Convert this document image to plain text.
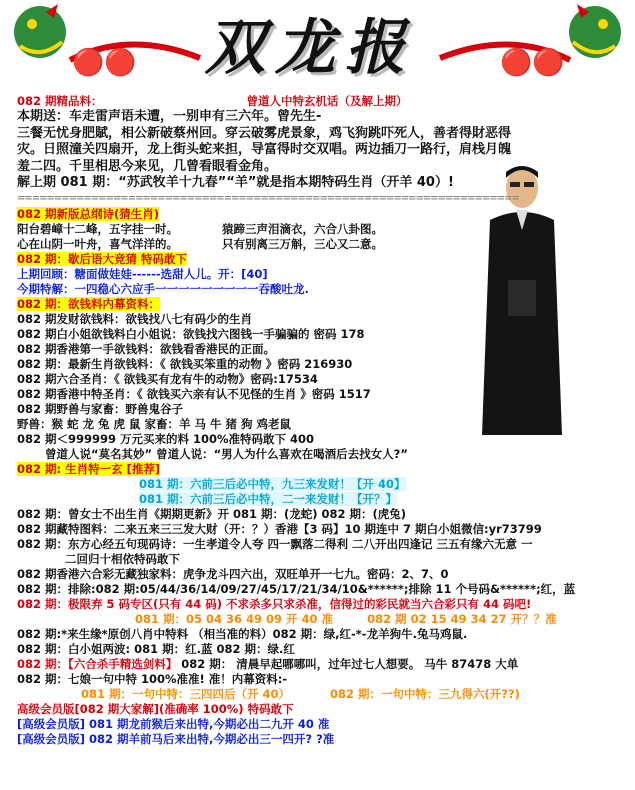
🔴🔴	🔴🔴
双龙报
082 期精品料：	曾道人中特玄机话（及解上期）
本期送：车走雷声语未遭，一别申有三六年。曾先生-
三餐无忧身肥賦，相公新破蔡州回。穿云破雾虎景象，鸡飞狗跳吓死人，善者得財恶得
灾。日照潼关四扇开，龙上街头蛇来担，导富得时交双唱。两边插刀一路行，肩栈月魄
羞二四。千里相思今来见，几曾看眼看金角。
解上期 081 期：“苏武牧羊十九春”“羊”就是指本期特码生肖（开羊 40）!
====================================================================
082 期新版总纲诗(猜生肖)
阳台碧嶂十二峰，五字挂一时。	猿蹄三声泪滴衣，六合八卦图。
心在山阴一叶舟，喜气洋洋的。	只有别离三万斛，三心又二意。
082 期：歇后语大竞猜 特码敢下
上期回顾：糖面做娃娃------选甜人儿。开：[40]
今期特解：一四稳心六应手一一一一一一一一一吞酸吐龙.
082 期：欲钱料内幕资料：
082 期发财欲钱料：欲钱找八七有码少的生肖
082 期白小姐欲钱料白小姐说：欲钱找六图钱一手骗骗的 密码 178
082 期香港第一手欲钱料：欲钱看香港民的正面。
082 期：最新生肖欲钱料：《 欲钱买笨重的动物 》密码 216930
082 期六合圣肖：《 欲钱买有龙有牛的动物》密码:17534
082 期香港中特圣肖：《 欲钱买六亲有认不见怪的生肖 》密码 1517
082 期野兽与家畜：野兽鬼谷子
野兽：猴 蛇 龙 兔 虎 鼠 家畜：羊 马 牛 猪 狗 鸡老鼠
082 期＜999999 万元买来的料 100%准特码敢下 400
曾道人说“莫名其妙” 曾道人说：“男人为什么喜欢在喝酒后去找女人?”
082 期: 生肖特一玄 [推荐]
081 期：六前三后必中特，九三来发财！【开 40】
081 期：六前三后必中特，二一来发财！【开？】
082 期：曾女士不出生肖《期期更新》开 081 期：(龙蛇) 082 期：(虎兔)
082 期藏特图料：二来五来三三发大财（开：？）香港【3 码】10 期连中 7 期白小姐微信:yr73799
082 期：东方心经五句现码诗：一生孝道令人夸 四一飘落二得利 二八开出四逢记 三五有缘六无意 一
二回归十相依特码敢下
082 期香港六合彩无藏独家料：虎争龙斗四六出，双旺单开一七九。密码：2、7、0
082 期：排除:082 期:05/44/36/14/09/27/45/17/21/34/10&******;排除 11 个号码&******;红，蓝
082 期：极限弃 5 码专区(只有 44 码) 不求杀多只求杀准，信得过的彩民就当六合彩只有 44 码吧!
081 期：05 04 36 49 09 开 40 准	082 期 02 15 49 34 27 开？？准
082 期:*来生缘*原创八肖中特料 （相当准的料）082 期：绿,红-*-龙羊狗牛.兔马鸡鼠.
082 期：白小姐两波: 081 期：红.蓝 082 期：绿.红
082 期：【六合杀手精选剑料】 082 期： 清晨早起哪哪叫，过年过七人想要。 马牛 87478 大单
082 期：七娘一句中特 100%准准! 准！内幕资料:-
081 期：一句中特：三四四后（开 40）	082 期：一句中特：三九得六(开??)
高级会员版[082 期大家解](准确率 100%) 特码敢下
[高级会员版] 081 期龙前猴后来出特,今期必出二九开 40 准
[高级会员版] 082 期羊前马后来出特,今期必出三一四开? ?准
